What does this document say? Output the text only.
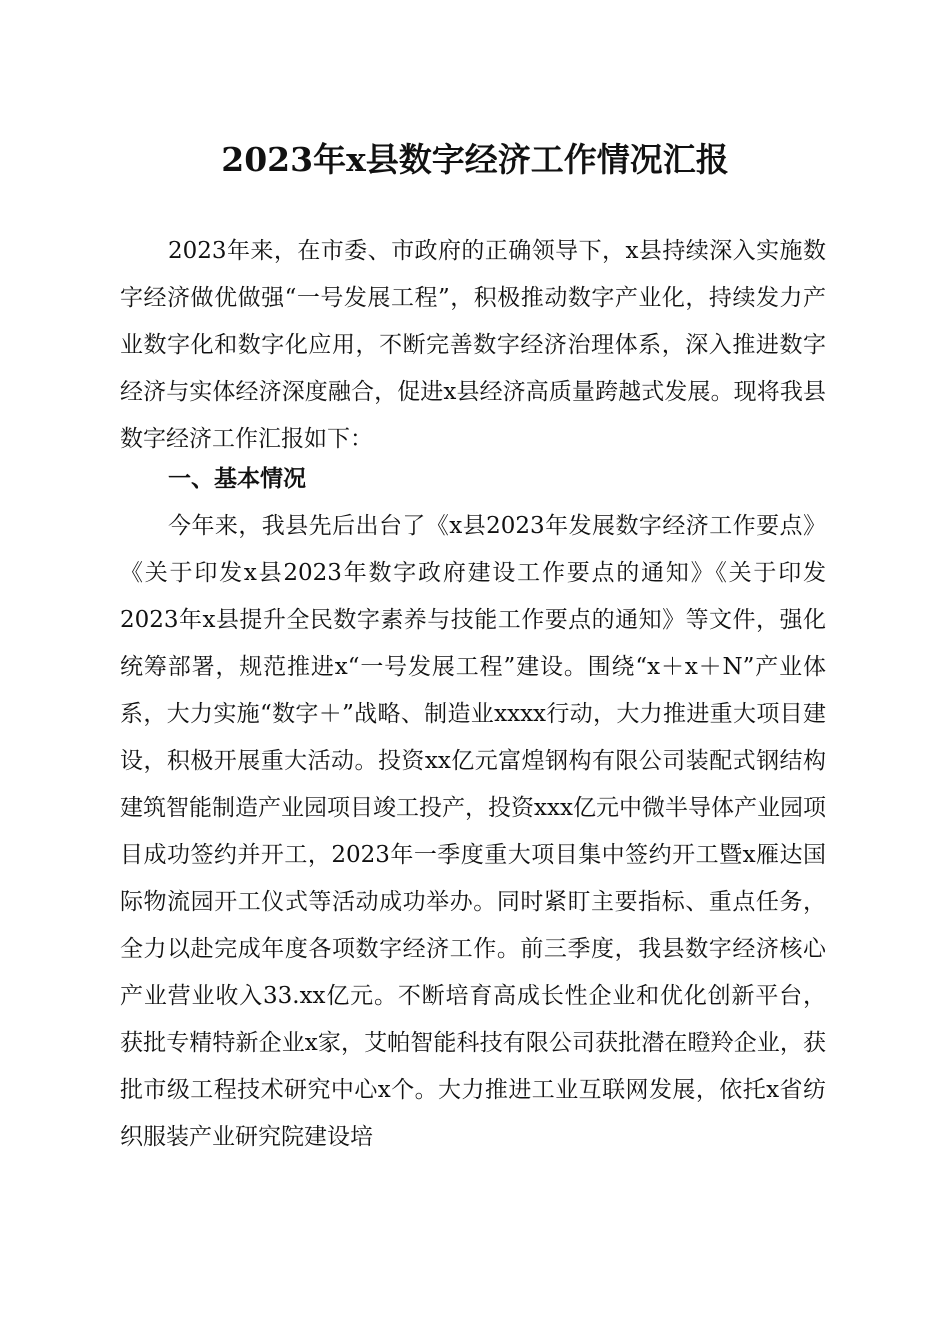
2023年x县数字经济工作情况汇报

2023年来，在市委、市政府的正确领导下，x县持续深入实施数字经济做优做强“一号发展工程”，积极推动数字产业化，持续发力产业数字化和数字化应用，不断完善数字经济治理体系，深入推进数字经济与实体经济深度融合，促进x县经济高质量跨越式发展。现将我县数字经济工作汇报如下：

一、基本情况

今年来，我县先后出台了《x县2023年发展数字经济工作要点》《关于印发x县2023年数字政府建设工作要点的通知》《关于印发2023年x县提升全民数字素养与技能工作要点的通知》等文件，强化统筹部署，规范推进x“一号发展工程”建设。围绕“x＋x＋N”产业体系，大力实施“数字＋”战略、制造业xxxx行动，大力推进重大项目建设，积极开展重大活动。投资xx亿元富煌钢构有限公司装配式钢结构建筑智能制造产业园项目竣工投产，投资xxx亿元中微半导体产业园项目成功签约并开工，2023年一季度重大项目集中签约开工暨x雁达国际物流园开工仪式等活动成功举办。同时紧盯主要指标、重点任务，全力以赴完成年度各项数字经济工作。前三季度，我县数字经济核心产业营业收入33.xx亿元。不断培育高成长性企业和优化创新平台，获批专精特新企业x家，艾帕智能科技有限公司获批潜在瞪羚企业，获批市级工程技术研究中心x个。大力推进工业互联网发展，依托x省纺织服装产业研究院建设培
